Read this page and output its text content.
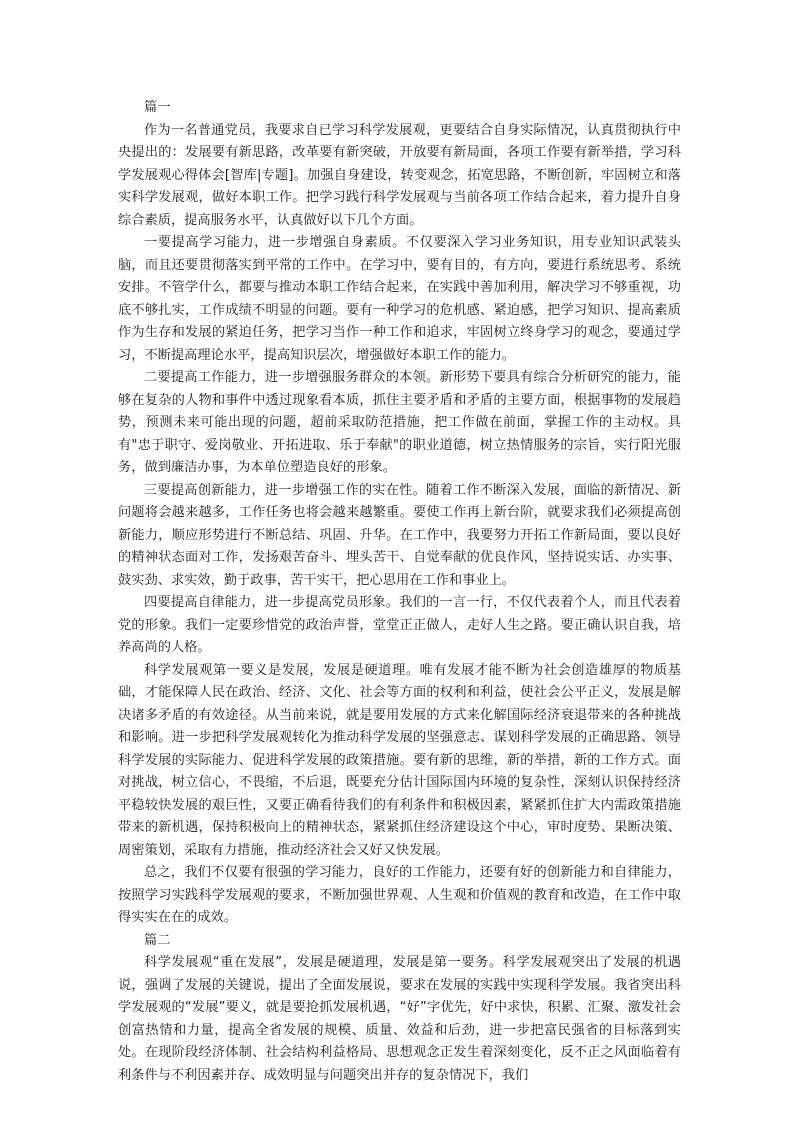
篇一

作为一名普通党员，我要求自已学习科学发展观，更要结合自身实际情况，认真贯彻执行中央提出的：发展要有新思路，改革要有新突破，开放要有新局面，各项工作要有新举措，学习科学发展观心得体会[智库|专题]。加强自身建设，转变观念，拓宽思路，不断创新，牢固树立和落实科学发展观，做好本职工作。把学习践行科学发展观与当前各项工作结合起来，着力提升自身综合素质，提高服务水平，认真做好以下几个方面。

一要提高学习能力，进一步增强自身素质。不仅要深入学习业务知识，用专业知识武装头脑，而且还要贯彻落实到平常的工作中。在学习中，要有目的，有方向，要进行系统思考、系统安排。不管学什么，都要与推动本职工作结合起来，在实践中善加利用，解决学习不够重视，功底不够扎实，工作成绩不明显的问题。要有一种学习的危机感、紧迫感，把学习知识、提高素质作为生存和发展的紧迫任务，把学习当作一种工作和追求，牢固树立终身学习的观念，要通过学习，不断提高理论水平，提高知识层次，增强做好本职工作的能力。

二要提高工作能力，进一步增强服务群众的本领。新形势下要具有综合分析研究的能力，能够在复杂的人物和事件中透过现象看本质，抓住主要矛盾和矛盾的主要方面，根据事物的发展趋势，预测未来可能出现的问题，超前采取防范措施，把工作做在前面，掌握工作的主动权。具有"忠于职守、爱岗敬业、开拓进取、乐于奉献"的职业道德，树立热情服务的宗旨，实行阳光服务，做到廉洁办事，为本单位塑造良好的形象。

三要提高创新能力，进一步增强工作的实在性。随着工作不断深入发展，面临的新情况、新问题将会越来越多，工作任务也将会越来越繁重。要使工作再上新台阶，就要求我们必须提高创新能力，顺应形势进行不断总结、巩固、升华。在工作中，我要努力开拓工作新局面，要以良好的精神状态面对工作，发扬艰苦奋斗、埋头苦干、自觉奉献的优良作风，坚持说实话、办实事、鼓实劲、求实效，勤于政事，苦干实干，把心思用在工作和事业上。

四要提高自律能力，进一步提高党员形象。我们的一言一行，不仅代表着个人，而且代表着党的形象。我们一定要珍惜党的政治声誉，堂堂正正做人，走好人生之路。要正确认识自我，培养高尚的人格。

科学发展观第一要义是发展，发展是硬道理。唯有发展才能不断为社会创造雄厚的物质基础，才能保障人民在政治、经济、文化、社会等方面的权利和利益，使社会公平正义，发展是解决诸多矛盾的有效途径。从当前来说，就是要用发展的方式来化解国际经济衰退带来的各种挑战和影响。进一步把科学发展观转化为推动科学发展的坚强意志、谋划科学发展的正确思路、领导科学发展的实际能力、促进科学发展的政策措施。要有新的思维，新的举措，新的工作方式。面对挑战，树立信心，不畏缩，不后退，既要充分估计国际国内环境的复杂性，深刻认识保持经济平稳较快发展的艰巨性，又要正确看待我们的有利条件和积极因素，紧紧抓住扩大内需政策措施带来的新机遇，保持积极向上的精神状态，紧紧抓住经济建设这个中心，审时度势、果断决策、周密策划，采取有力措施，推动经济社会又好又快发展。

总之，我们不仅要有很强的学习能力，良好的工作能力，还要有好的创新能力和自律能力，按照学习实践科学发展观的要求，不断加强世界观、人生观和价值观的教育和改造，在工作中取得实实在在的成效。

篇二

科学发展观“重在发展”，发展是硬道理，发展是第一要务。科学发展观突出了发展的机遇说，强调了发展的关键说，提出了全面发展说，要求在发展的实践中实现科学发展。我省突出科学发展观的“发展”要义，就是要抢抓发展机遇，“好”字优先，好中求快，积累、汇聚、激发社会创富热情和力量，提高全省发展的规模、质量、效益和后劲，进一步把富民强省的目标落到实处。在现阶段经济体制、社会结构利益格局、思想观念正发生着深刻变化，反不正之风面临着有利条件与不利因素并存、成效明显与问题突出并存的复杂情况下，我们
